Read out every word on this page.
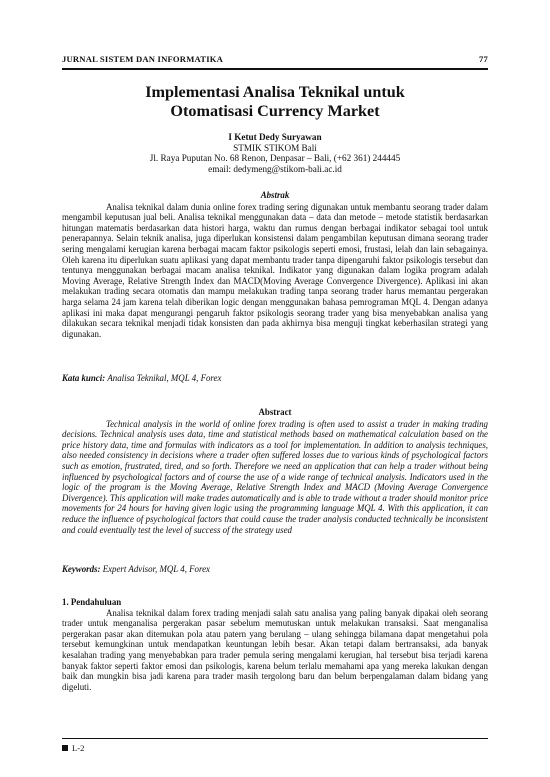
JURNAL SISTEM DAN INFORMATIKA	77
Implementasi Analisa Teknikal untuk
Otomatisasi Currency Market
I Ketut Dedy Suryawan
STMIK STIKOM Bali
Jl. Raya Puputan No. 68 Renon, Denpasar – Bali, (+62 361) 244445
email: dedymeng@stikom-bali.ac.id
Abstrak

Analisa teknikal dalam dunia online forex trading sering digunakan untuk membantu seorang trader dalam mengambil keputusan jual beli. Analisa teknikal menggunakan data – data dan metode – metode statistik berdasarkan hitungan matematis berdasarkan data histori harga, waktu dan rumus dengan berbagai indikator sebagai tool untuk penerapannya. Selain teknik analisa, juga diperlukan konsistensi dalam pengambilan keputusan dimana seorang trader sering mengalami kerugian karena berbagai macam faktor psikologis seperti emosi, frustasi, lelah dan lain sebagainya. Oleh karena itu diperlukan suatu aplikasi yang dapat membantu trader tanpa dipengaruhi faktor psikologis tersebut dan tentunya menggunakan berbagai macam analisa teknikal. Indikator yang digunakan dalam logika program adalah Moving Average, Relative Strength Index dan MACD(Moving Average Convergence Divergence). Aplikasi ini akan melakukan trading secara otomatis dan mampu melakukan trading tanpa seorang trader harus memantau pergerakan harga selama 24 jam karena telah diberikan logic dengan menggunakan bahasa pemrograman MQL 4. Dengan adanya aplikasi ini maka dapat mengurangi pengaruh faktor psikologis seorang trader yang bisa menyebabkan analisa yang dilakukan secara teknikal menjadi tidak konsisten dan pada akhirnya bisa menguji tingkat keberhasilan strategi yang digunakan.

Kata kunci: Analisa Teknikal, MQL 4, Forex
Abstract

Technical analysis in the world of online forex trading is often used to assist a trader in making trading decisions. Technical analysis uses data, time and statistical methods based on mathematical calculation based on the price history data, time and formulas with indicators as a tool for implementation. In addition to analysis techniques, also needed consistency in decisions where a trader often suffered losses due to various kinds of psychological factors such as emotion, frustrated, tired, and so forth. Therefore we need an application that can help a trader without being influenced by psychological factors and of course the use of a wide range of technical analysis. Indicators used in the logic of the program is the Moving Average, Relative Strength Index and MACD (Moving Average Convergence Divergence). This application will make trades automatically and is able to trade without a trader should monitor price movements for 24 hours for having given logic using the programming language MQL 4. With this application, it can reduce the influence of psychological factors that could cause the trader analysis conducted technically be inconsistent and could eventually test the level of success of the strategy used

Keywords: Expert Advisor, MQL 4, Forex
1. Pendahuluan

Analisa teknikal dalam forex trading menjadi salah satu analisa yang paling banyak dipakai oleh seorang trader untuk menganalisa pergerakan pasar sebelum memutuskan untuk melakukan transaksi. Saat menganalisa pergerakan pasar akan ditemukan pola atau patern yang berulang – ulang sehingga bilamana dapat mengetahui pola tersebut kemungkinan untuk mendapatkan keuntungan lebih besar. Akan tetapi dalam bertransaksi, ada banyak kesalahan trading yang menyebabkan para trader pemula sering mengalami kerugian, hal tersebut bisa terjadi karena banyak faktor seperti faktor emosi dan psikologis, karena belum terlalu memahami apa yang mereka lakukan dengan baik dan mungkin bisa jadi karena para trader masih tergolong baru dan belum berpengalaman dalam bidang yang digeluti.

L-2
